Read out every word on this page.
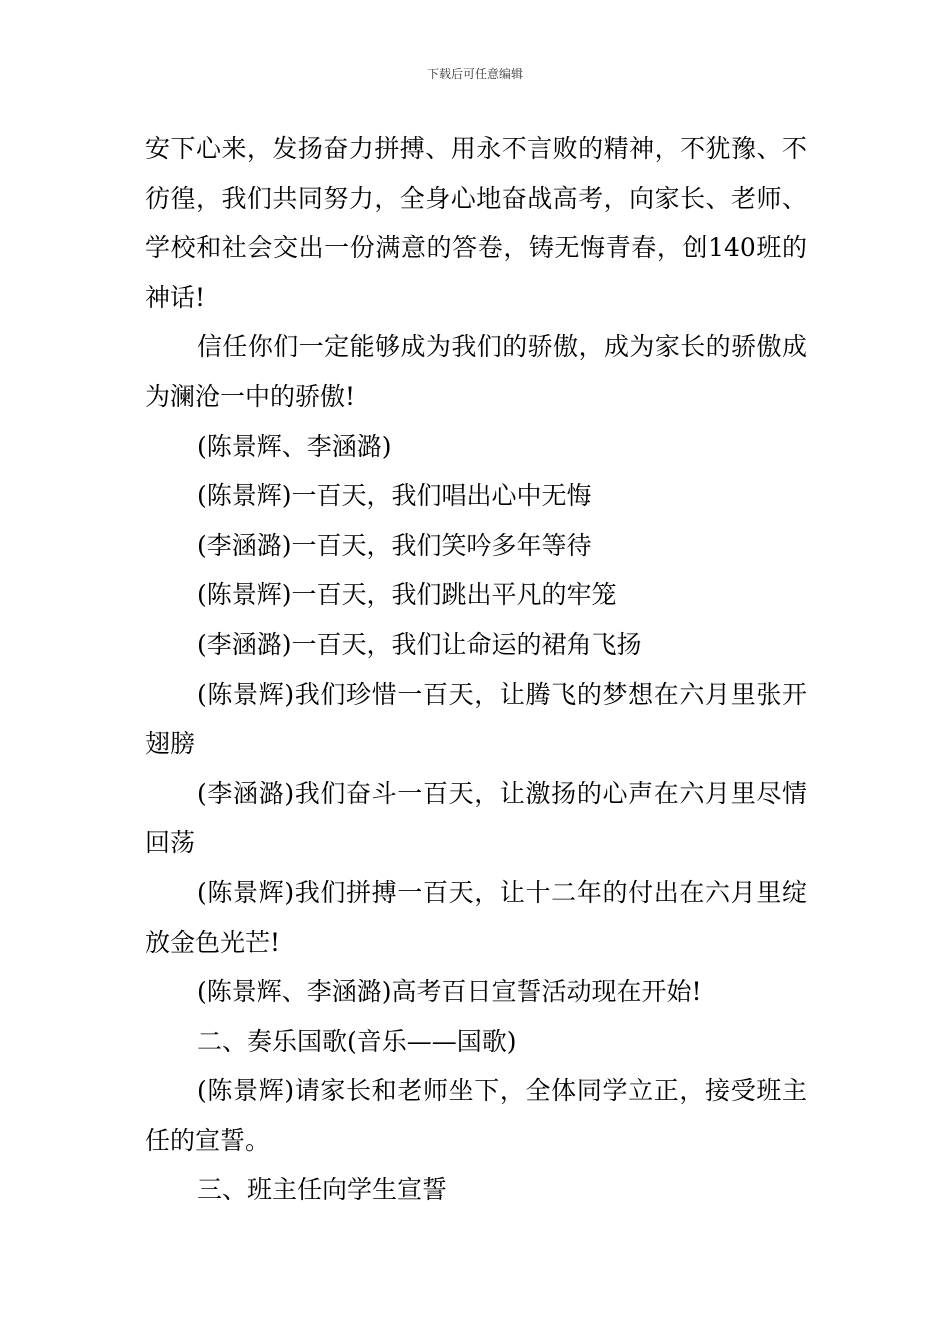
下载后可任意编辑

安下心来，发扬奋力拼搏、用永不言败的精神，不犹豫、不彷徨，我们共同努力，全身心地奋战高考，向家长、老师、学校和社会交出一份满意的答卷，铸无悔青春，创140班的神话!

信任你们一定能够成为我们的骄傲，成为家长的骄傲成为澜沧一中的骄傲!

(陈景辉、李涵潞)

(陈景辉)一百天，我们唱出心中无悔

(李涵潞)一百天，我们笑吟多年等待

(陈景辉)一百天，我们跳出平凡的牢笼

(李涵潞)一百天，我们让命运的裙角飞扬

(陈景辉)我们珍惜一百天，让腾飞的梦想在六月里张开翅膀

(李涵潞)我们奋斗一百天，让激扬的心声在六月里尽情回荡

(陈景辉)我们拼搏一百天，让十二年的付出在六月里绽放金色光芒!

(陈景辉、李涵潞)高考百日宣誓活动现在开始!

二、奏乐国歌(音乐——国歌)

(陈景辉)请家长和老师坐下，全体同学立正，接受班主任的宣誓。

三、班主任向学生宣誓
